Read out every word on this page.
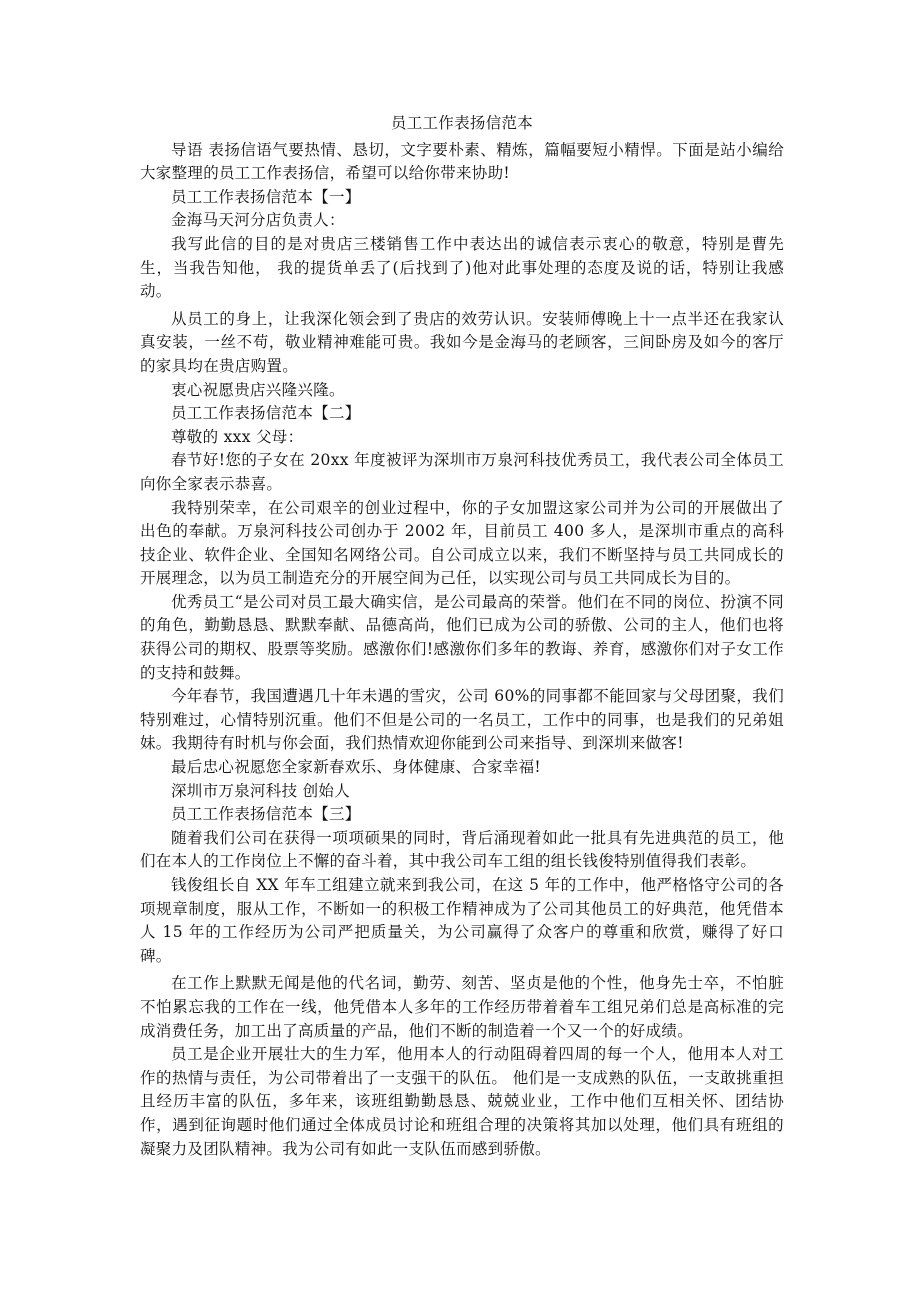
员工工作表扬信范本

导语 表扬信语气要热情、恳切，文字要朴素、精炼，篇幅要短小精悍。下面是站小编给大家整理的员工工作表扬信，希望可以给你带来协助!

员工工作表扬信范本【一】

金海马天河分店负责人：

我写此信的目的是对贵店三楼销售工作中表达出的诚信表示衷心的敬意，特别是曹先生，当我告知他， 我的提货单丢了(后找到了)他对此事处理的态度及说的话，特别让我感动。

从员工的身上，让我深化领会到了贵店的效劳认识。安装师傅晚上十一点半还在我家认真安装，一丝不苟，敬业精神难能可贵。我如今是金海马的老顾客，三间卧房及如今的客厅的家具均在贵店购置。

衷心祝愿贵店兴隆兴隆。

员工工作表扬信范本【二】

尊敬的 xxx 父母：

春节好!您的子女在 20xx 年度被评为深圳市万泉河科技优秀员工，我代表公司全体员工向你全家表示恭喜。

我特别荣幸，在公司艰辛的创业过程中，你的子女加盟这家公司并为公司的开展做出了出色的奉献。万泉河科技公司创办于 2002 年，目前员工 400 多人，是深圳市重点的高科技企业、软件企业、全国知名网络公司。自公司成立以来，我们不断坚持与员工共同成长的开展理念，以为员工制造充分的开展空间为己任，以实现公司与员工共同成长为目的。

优秀员工“是公司对员工最大确实信，是公司最高的荣誉。他们在不同的岗位、扮演不同的角色，勤勤恳恳、默默奉献、品德高尚，他们已成为公司的骄傲、公司的主人，他们也将获得公司的期权、股票等奖励。感激你们!感激你们多年的教诲、养育，感激你们对子女工作的支持和鼓舞。

今年春节，我国遭遇几十年未遇的雪灾，公司 60%的同事都不能回家与父母团聚，我们特别难过，心情特别沉重。他们不但是公司的一名员工，工作中的同事，也是我们的兄弟姐妹。我期待有时机与你会面，我们热情欢迎你能到公司来指导、到深圳来做客!

最后忠心祝愿您全家新春欢乐、身体健康、合家幸福!

深圳市万泉河科技 创始人

员工工作表扬信范本【三】

随着我们公司在获得一项项硕果的同时，背后涌现着如此一批具有先进典范的员工，他们在本人的工作岗位上不懈的奋斗着，其中我公司车工组的组长钱俊特别值得我们表彰。

钱俊组长自 XX 年车工组建立就来到我公司，在这 5 年的工作中，他严格恪守公司的各项规章制度，服从工作，不断如一的积极工作精神成为了公司其他员工的好典范，他凭借本人 15 年的工作经历为公司严把质量关，为公司赢得了众客户的尊重和欣赏，赚得了好口碑。

在工作上默默无闻是他的代名词，勤劳、刻苦、坚贞是他的个性，他身先士卒，不怕脏不怕累忘我的工作在一线，他凭借本人多年的工作经历带着着车工组兄弟们总是高标准的完成消费任务，加工出了高质量的产品，他们不断的制造着一个又一个的好成绩。

员工是企业开展壮大的生力军，他用本人的行动阻碍着四周的每一个人，他用本人对工作的热情与责任，为公司带着出了一支强干的队伍。 他们是一支成熟的队伍，一支敢挑重担且经历丰富的队伍，多年来，该班组勤勤恳恳、兢兢业业，工作中他们互相关怀、团结协作，遇到征询题时他们通过全体成员讨论和班组合理的决策将其加以处理，他们具有班组的凝聚力及团队精神。我为公司有如此一支队伍而感到骄傲。
